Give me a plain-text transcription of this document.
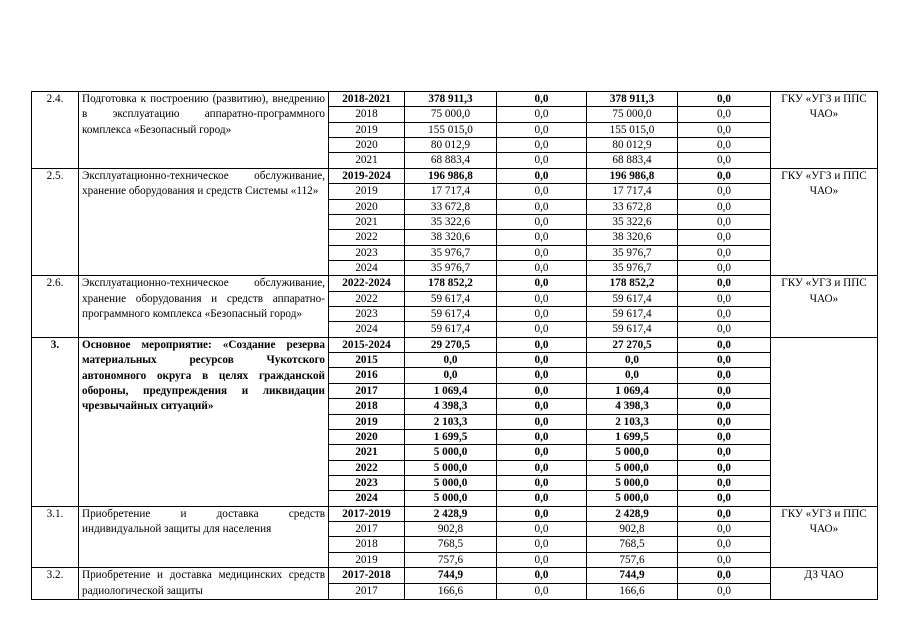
2.4.	Подготовка к построению (развитию), внедрению в эксплуатацию аппаратно-программного комплекса «Безопасный город»	2018-2021	378 911,3	0,0	378 911,3	0,0	ГКУ «УГЗ и ППС ЧАО»
		2018	75 000,0	0,0	75 000,0	0,0	
		2019	155 015,0	0,0	155 015,0	0,0	
		2020	80 012,9	0,0	80 012,9	0,0	
		2021	68 883,4	0,0	68 883,4	0,0	
2.5.	Эксплуатационно-техническое обслуживание, хранение оборудования и средств Системы «112»	2019-2024	196 986,8	0,0	196 986,8	0,0	ГКУ «УГЗ и ППС ЧАО»
		2019	17 717,4	0,0	17 717,4	0,0	
		2020	33 672,8	0,0	33 672,8	0,0	
		2021	35 322,6	0,0	35 322,6	0,0	
		2022	38 320,6	0,0	38 320,6	0,0	
		2023	35 976,7	0,0	35 976,7	0,0	
		2024	35 976,7	0,0	35 976,7	0,0	
2.6.	Эксплуатационно-техническое обслуживание, хранение оборудования и средств аппаратно-программного комплекса «Безопасный город»	2022-2024	178 852,2	0,0	178 852,2	0,0	ГКУ «УГЗ и ППС ЧАО»
		2022	59 617,4	0,0	59 617,4	0,0	
		2023	59 617,4	0,0	59 617,4	0,0	
		2024	59 617,4	0,0	59 617,4	0,0	
3.	Основное мероприятие: «Создание резерва материальных ресурсов Чукотского автономного округа в целях гражданской обороны, предупреждения и ликвидации чрезвычайных ситуаций»	2015-2024	29 270,5	0,0	27 270,5	0,0	
		2015	0,0	0,0	0,0	0,0	
		2016	0,0	0,0	0,0	0,0	
		2017	1 069,4	0,0	1 069,4	0,0	
		2018	4 398,3	0,0	4 398,3	0,0	
		2019	2 103,3	0,0	2 103,3	0,0	
		2020	1 699,5	0,0	1 699,5	0,0	
		2021	5 000,0	0,0	5 000,0	0,0	
		2022	5 000,0	0,0	5 000,0	0,0	
		2023	5 000,0	0,0	5 000,0	0,0	
		2024	5 000,0	0,0	5 000,0	0,0	
3.1.	Приобретение и доставка средств индивидуальной защиты для населения	2017-2019	2 428,9	0,0	2 428,9	0,0	ГКУ «УГЗ и ППС ЧАО»
		2017	902,8	0,0	902,8	0,0	
		2018	768,5	0,0	768,5	0,0	
		2019	757,6	0,0	757,6	0,0	
3.2.	Приобретение и доставка медицинских средств радиологической защиты	2017-2018	744,9	0,0	744,9	0,0	ДЗ ЧАО
		2017	166,6	0,0	166,6	0,0	
